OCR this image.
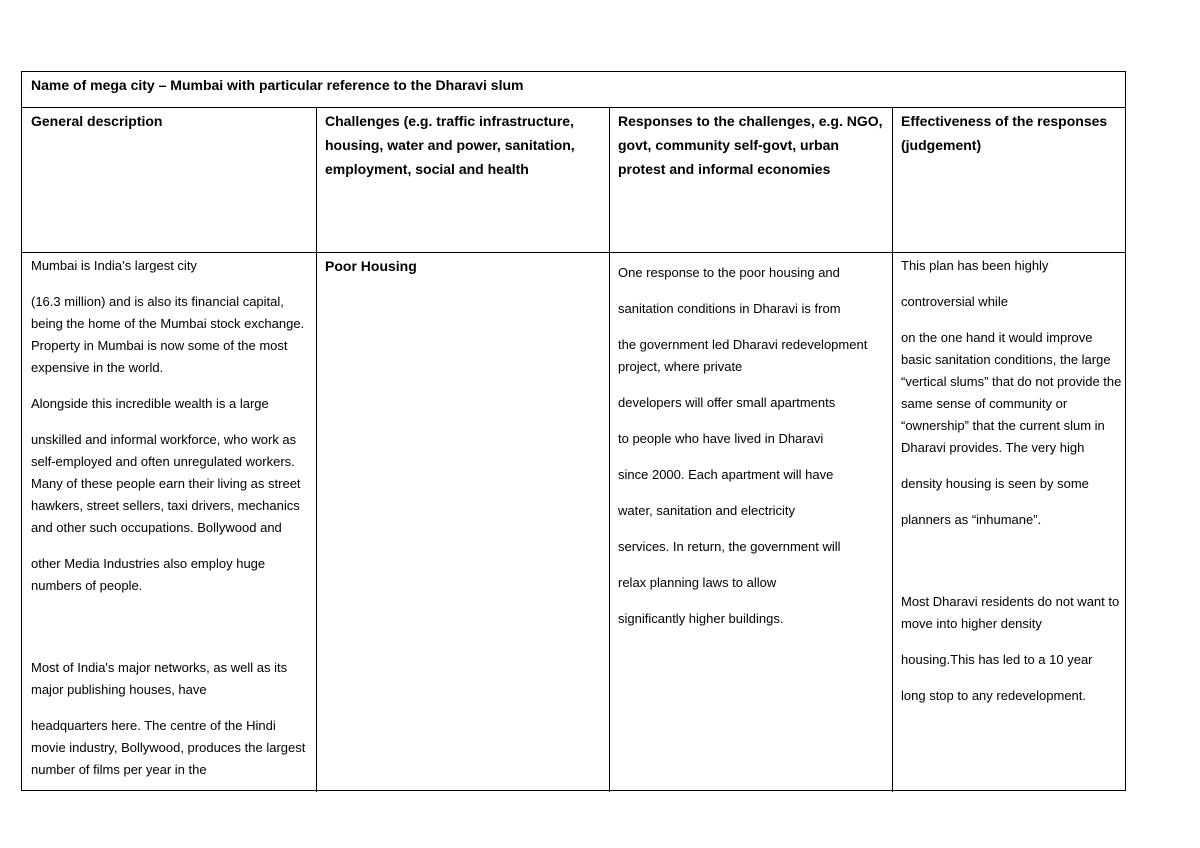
Name of mega city – Mumbai with particular reference to the Dharavi slum
General description	Challenges (e.g. traffic infrastructure, housing, water and power, sanitation, employment, social and health
Responses to the challenges, e.g. NGO, govt, community self-govt, urban protest and informal economies
Effectiveness of the responses (judgement)

Mumbai is India’s largest city

(16.3 million) and is also its financial capital, being the home of the Mumbai stock exchange. Property in Mumbai is now some of the most expensive in the world.

Alongside this incredible wealth is a large

unskilled and informal workforce, who work as self-employed and often unregulated workers. Many of these people earn their living as street hawkers, street sellers, taxi drivers, mechanics and other such occupations. Bollywood and

other Media Industries also employ huge numbers of people.

Most of India's major networks, as well as its major publishing houses, have

headquarters here. The centre of the Hindi movie industry, Bollywood, produces the largest number of films per year in the

Poor Housing	One response to the poor housing and

sanitation conditions in Dharavi is from

the government led Dharavi redevelopment project, where private

developers will offer small apartments

to people who have lived in Dharavi

since 2000. Each apartment will have

water, sanitation and electricity

services. In return, the government will

relax planning laws to allow

significantly higher buildings.

This plan has been highly

controversial while

on the one hand it would improve basic sanitation conditions, the large “vertical slums” that do not provide the same sense of community or “ownership” that the current slum in Dharavi provides. The very high

density housing is seen by some

planners as “inhumane”.

Most Dharavi residents do not want to move into higher density

housing.This has led to a 10 year

long stop to any redevelopment.
